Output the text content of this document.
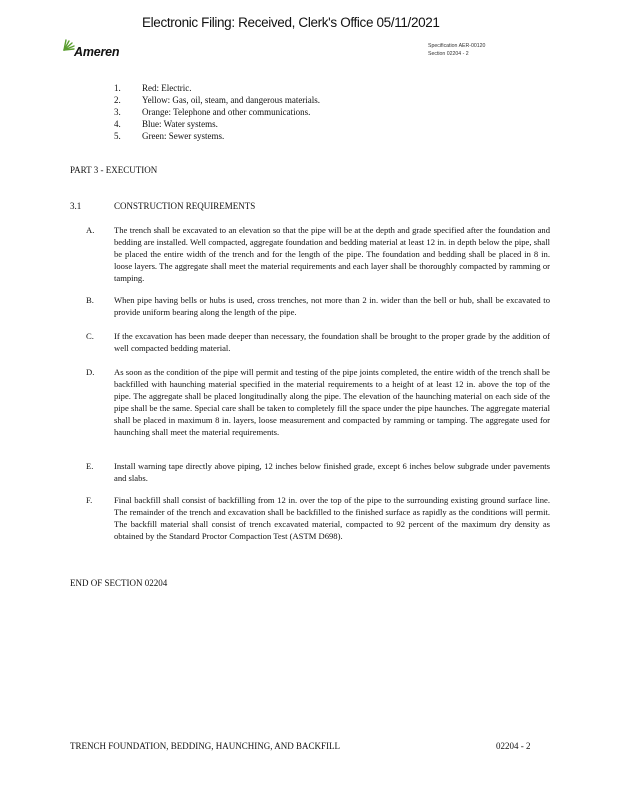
Electronic Filing: Received, Clerk's Office 05/11/2021
Ameren	Specification AER-00120
Section 02204 - 2
1. Red: Electric.
2. Yellow: Gas, oil, steam, and dangerous materials.
3. Orange: Telephone and other communications.
4. Blue: Water systems.
5. Green: Sewer systems.
PART 3 - EXECUTION
3.1	CONSTRUCTION REQUIREMENTS
A. The trench shall be excavated to an elevation so that the pipe will be at the depth and grade specified after the foundation and bedding are installed. Well compacted, aggregate foundation and bedding material at least 12 in. in depth below the pipe, shall be placed the entire width of the trench and for the length of the pipe. The foundation and bedding shall be placed in 8 in. loose layers. The aggregate shall meet the material requirements and each layer shall be thoroughly compacted by ramming or tamping.
B. When pipe having bells or hubs is used, cross trenches, not more than 2 in. wider than the bell or hub, shall be excavated to provide uniform bearing along the length of the pipe.
C. If the excavation has been made deeper than necessary, the foundation shall be brought to the proper grade by the addition of well compacted bedding material.
D. As soon as the condition of the pipe will permit and testing of the pipe joints completed, the entire width of the trench shall be backfilled with haunching material specified in the material requirements to a height of at least 12 in. above the top of the pipe. The aggregate shall be placed longitudinally along the pipe. The elevation of the haunching material on each side of the pipe shall be the same. Special care shall be taken to completely fill the space under the pipe haunches. The aggregate material shall be placed in maximum 8 in. layers, loose measurement and compacted by ramming or tamping. The aggregate used for haunching shall meet the material requirements.
E. Install warning tape directly above piping, 12 inches below finished grade, except 6 inches below subgrade under pavements and slabs.
F.	Final backfill shall consist of backfilling from 12 in. over the top of the pipe to the surrounding existing ground surface line. The remainder of the trench and excavation shall be backfilled to the finished surface as rapidly as the conditions will permit. The backfill material shall consist of trench excavated material, compacted to 92 percent of the maximum dry density as obtained by the Standard Proctor Compaction Test (ASTM D698).
END OF SECTION 02204
TRENCH FOUNDATION, BEDDING, HAUNCHING, AND BACKFILL	02204 - 2
